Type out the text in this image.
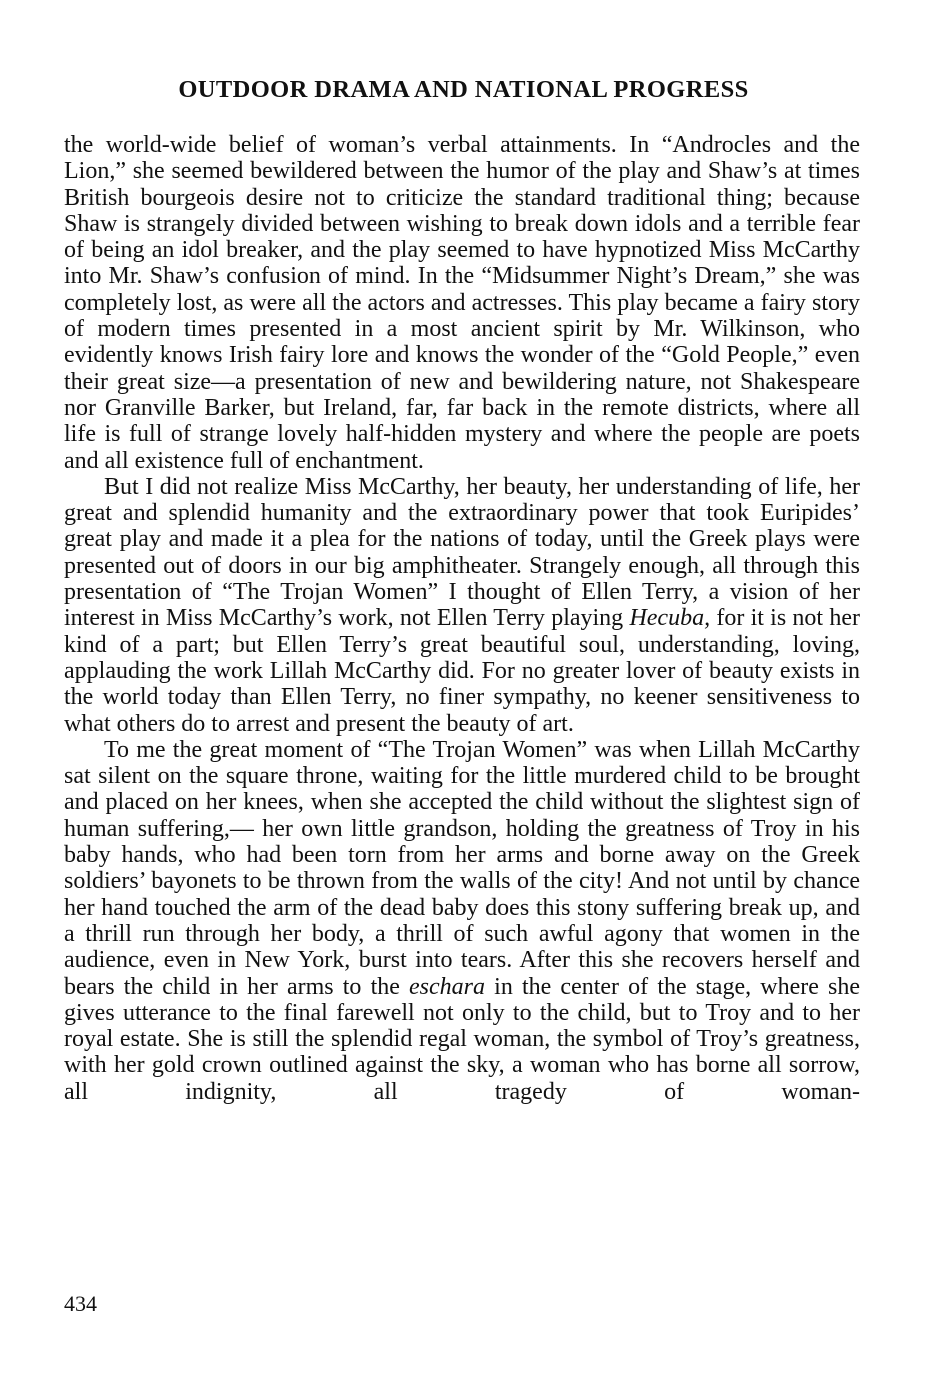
OUTDOOR DRAMA AND NATIONAL PROGRESS

the world-wide belief of woman’s verbal attainments. In “Androcles and the Lion,” she seemed bewildered between the humor of the play and Shaw’s at times British bourgeois desire not to criticize the standard traditional thing; because Shaw is strangely divided between wishing to break down idols and a terrible fear of being an idol breaker, and the play seemed to have hypnotized Miss McCarthy into Mr. Shaw’s confusion of mind. In the “Midsummer Night’s Dream,” she was completely lost, as were all the actors and actresses. This play became a fairy story of modern times presented in a most ancient spirit by Mr. Wilkinson, who evidently knows Irish fairy lore and knows the wonder of the “Gold People,” even their great size—a presentation of new and bewildering nature, not Shakespeare nor Granville Barker, but Ireland, far, far back in the remote districts, where all life is full of strange lovely half-hidden mystery and where the people are poets and all existence full of enchantment.

But I did not realize Miss McCarthy, her beauty, her understanding of life, her great and splendid humanity and the extraordinary power that took Euripides’ great play and made it a plea for the nations of today, until the Greek plays were presented out of doors in our big amphitheater. Strangely enough, all through this presentation of “The Trojan Women” I thought of Ellen Terry, a vision of her interest in Miss McCarthy’s work, not Ellen Terry playing Hecuba, for it is not her kind of a part; but Ellen Terry’s great beautiful soul, understanding, loving, applauding the work Lillah McCarthy did. For no greater lover of beauty exists in the world today than Ellen Terry, no finer sympathy, no keener sensitiveness to what others do to arrest and present the beauty of art.

To me the great moment of “The Trojan Women” was when Lillah McCarthy sat silent on the square throne, waiting for the little murdered child to be brought and placed on her knees, when she accepted the child without the slightest sign of human suffering,— her own little grandson, holding the greatness of Troy in his baby hands, who had been torn from her arms and borne away on the Greek soldiers’ bayonets to be thrown from the walls of the city! And not until by chance her hand touched the arm of the dead baby does this stony suffering break up, and a thrill run through her body, a thrill of such awful agony that women in the audience, even in New York, burst into tears. After this she recovers herself and bears the child in her arms to the eschara in the center of the stage, where she gives utterance to the final farewell not only to the child, but to Troy and to her royal estate. She is still the splendid regal woman, the symbol of Troy’s greatness, with her gold crown outlined against the sky, a woman who has borne all sorrow, all indignity, all tragedy of woman-

434
